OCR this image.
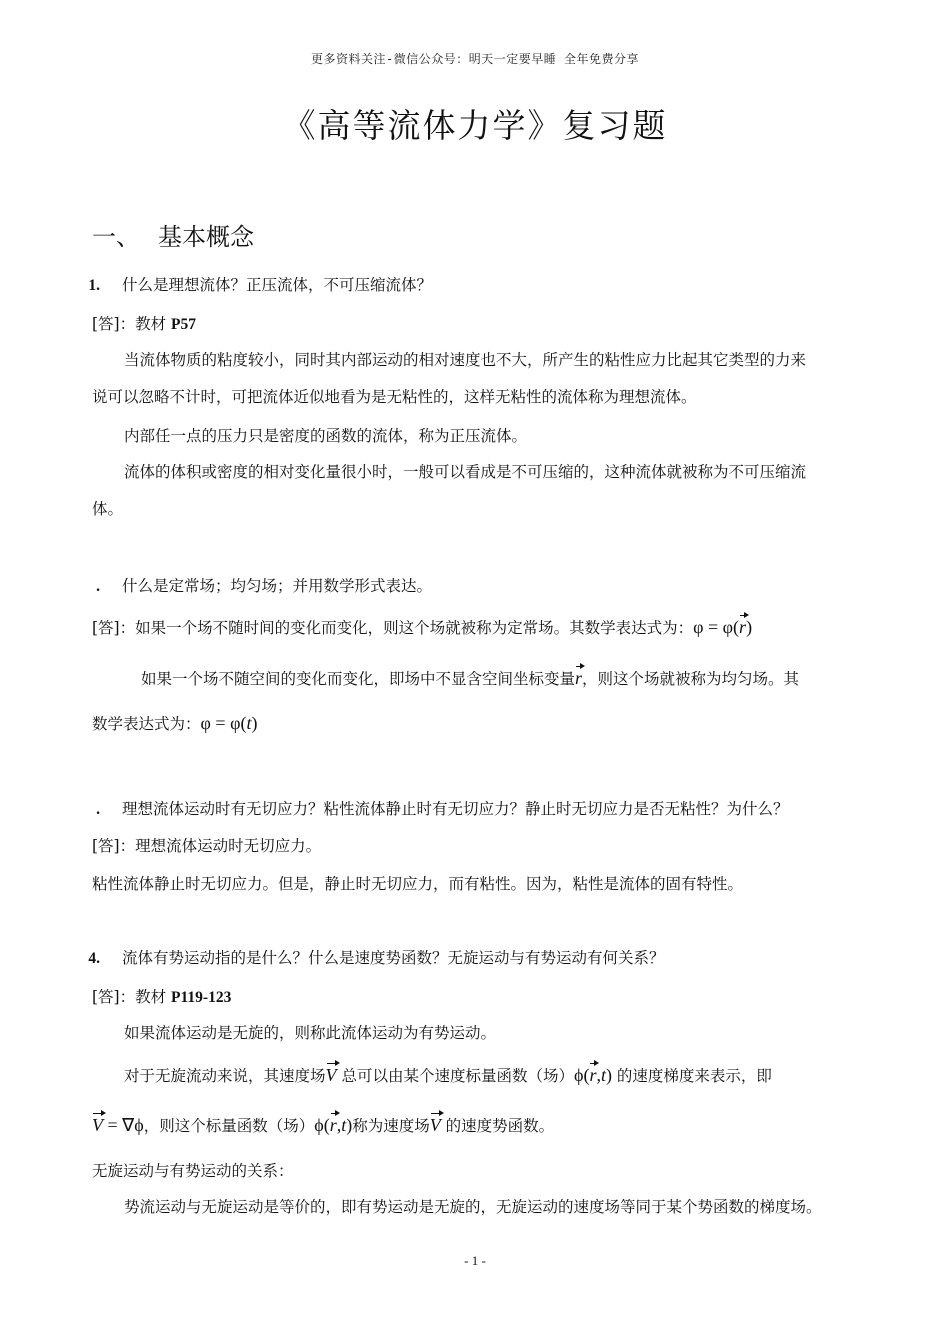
更多资料关注-微信公众号：明天一定要早睡 全年免费分享
《高等流体力学》复习题
一、 基本概念
1. 什么是理想流体？正压流体，不可压缩流体？
[答]：教材 P57
当流体物质的粘度较小，同时其内部运动的相对速度也不大，所产生的粘性应力比起其它类型的力来
说可以忽略不计时，可把流体近似地看为是无粘性的，这样无粘性的流体称为理想流体。
内部任一点的压力只是密度的函数的流体，称为正压流体。
流体的体积或密度的相对变化量很小时，一般可以看成是不可压缩的，这种流体就被称为不可压缩流
体。
. 什么是定常场；均匀场；并用数学形式表达。
[答]：如果一个场不随时间的变化而变化，则这个场就被称为定常场。其数学表达式为：φ = φ(r)
如果一个场不随空间的变化而变化，即场中不显含空间坐标变量r，则这个场就被称为均匀场。其
数学表达式为：φ = φ(t)
. 理想流体运动时有无切应力？粘性流体静止时有无切应力？静止时无切应力是否无粘性？为什么？
[答]：理想流体运动时无切应力。
粘性流体静止时无切应力。但是，静止时无切应力，而有粘性。因为，粘性是流体的固有特性。
4. 流体有势运动指的是什么？什么是速度势函数？无旋运动与有势运动有何关系？
[答]：教材 P119-123
如果流体运动是无旋的，则称此流体运动为有势运动。
对于无旋流动来说，其速度场V 总可以由某个速度标量函数（场）ϕ(r,t) 的速度梯度来表示，即
V = ∇ϕ，则这个标量函数（场）ϕ(r,t)称为速度场V 的速度势函数。
无旋运动与有势运动的关系：
势流运动与无旋运动是等价的，即有势运动是无旋的，无旋运动的速度场等同于某个势函数的梯度场。
- 1 -
